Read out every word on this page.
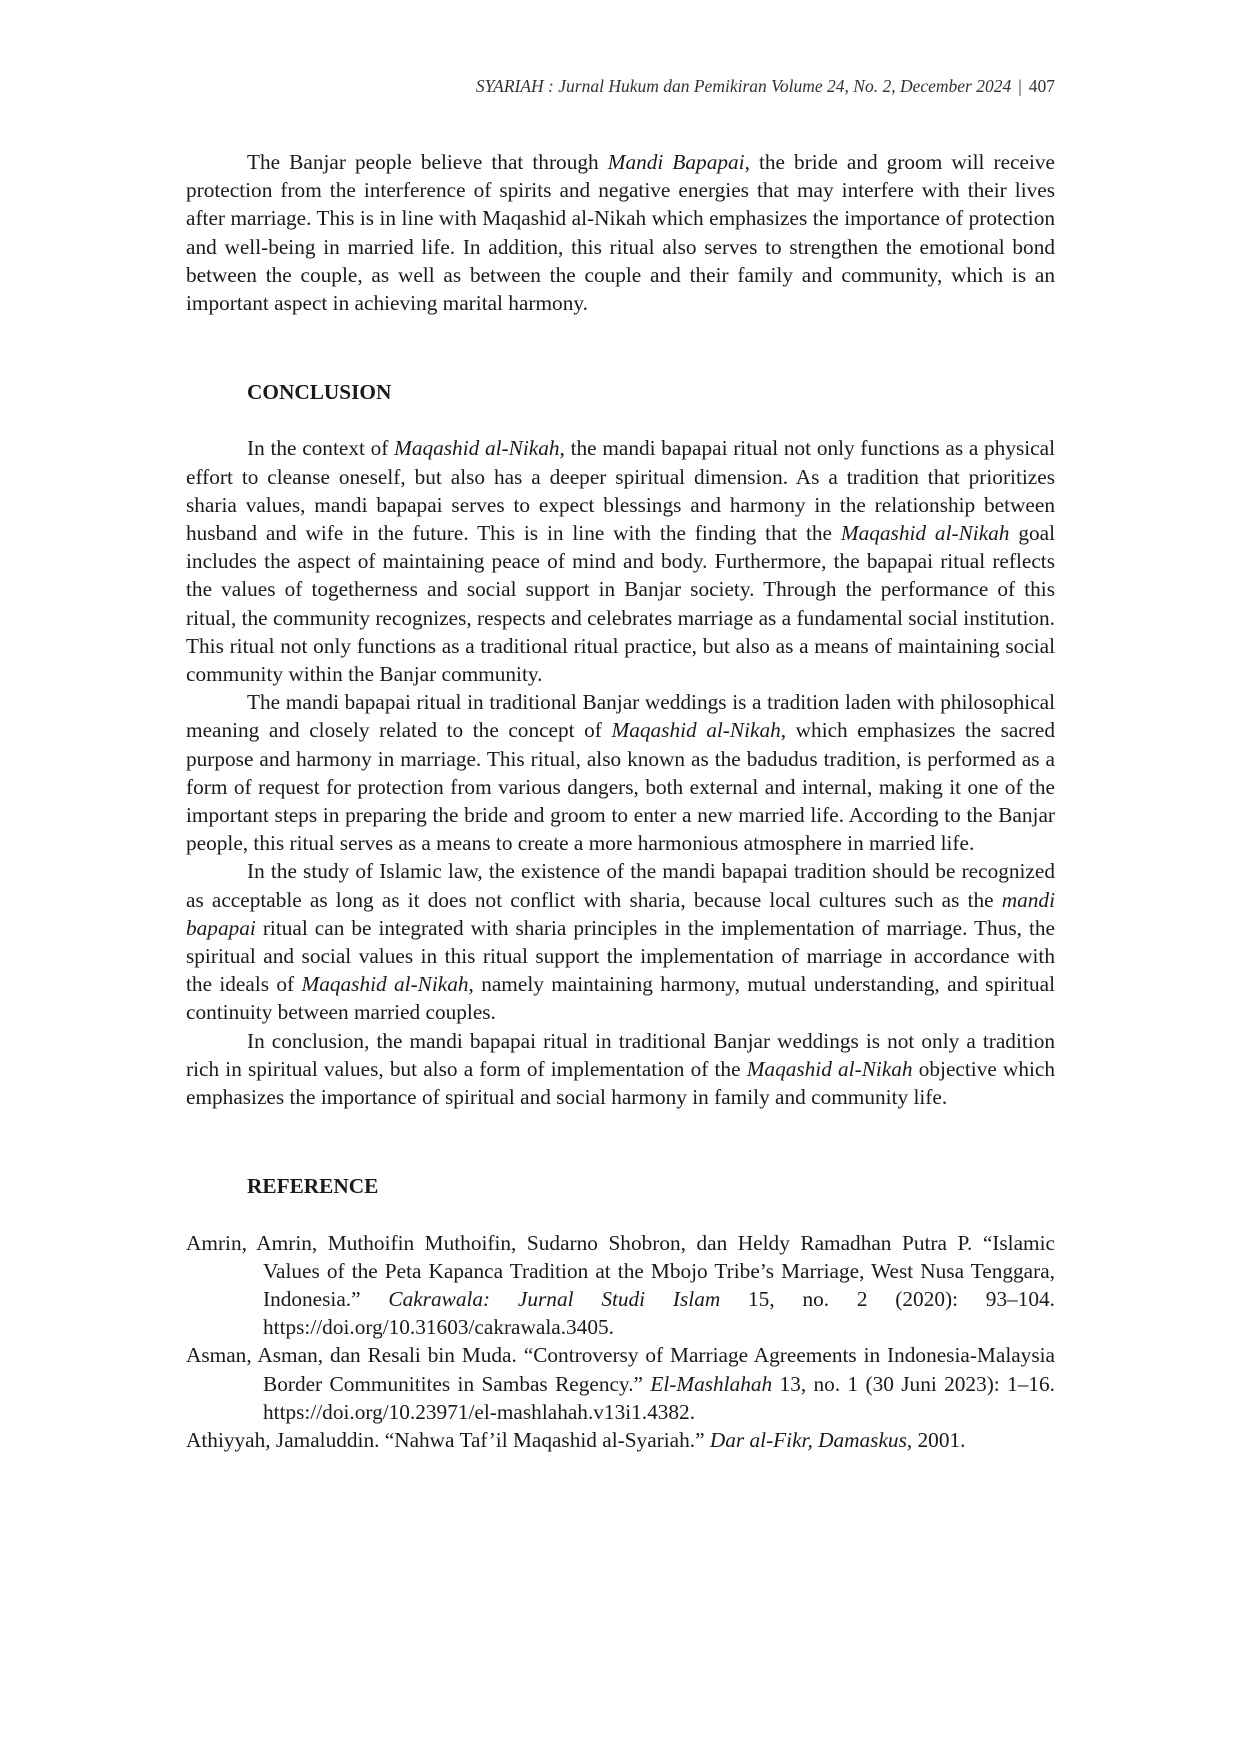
SYARIAH : Jurnal Hukum dan Pemikiran Volume 24, No. 2, December 2024 | 407

The Banjar people believe that through Mandi Bapapai, the bride and groom will receive protection from the interference of spirits and negative energies that may interfere with their lives after marriage. This is in line with Maqashid al-Nikah which emphasizes the importance of protection and well-being in married life. In addition, this ritual also serves to strengthen the emotional bond between the couple, as well as between the couple and their family and community, which is an important aspect in achieving marital harmony.

CONCLUSION

In the context of Maqashid al-Nikah, the mandi bapapai ritual not only functions as a physical effort to cleanse oneself, but also has a deeper spiritual dimension. As a tradition that prioritizes sharia values, mandi bapapai serves to expect blessings and harmony in the relationship between husband and wife in the future. This is in line with the finding that the Maqashid al-Nikah goal includes the aspect of maintaining peace of mind and body. Furthermore, the bapapai ritual reflects the values of togetherness and social support in Banjar society. Through the performance of this ritual, the community recognizes, respects and celebrates marriage as a fundamental social institution. This ritual not only functions as a traditional ritual practice, but also as a means of maintaining social community within the Banjar community.

The mandi bapapai ritual in traditional Banjar weddings is a tradition laden with philosophical meaning and closely related to the concept of Maqashid al-Nikah, which emphasizes the sacred purpose and harmony in marriage. This ritual, also known as the badudus tradition, is performed as a form of request for protection from various dangers, both external and internal, making it one of the important steps in preparing the bride and groom to enter a new married life. According to the Banjar people, this ritual serves as a means to create a more harmonious atmosphere in married life.

In the study of Islamic law, the existence of the mandi bapapai tradition should be recognized as acceptable as long as it does not conflict with sharia, because local cultures such as the mandi bapapai ritual can be integrated with sharia principles in the implementation of marriage. Thus, the spiritual and social values in this ritual support the implementation of marriage in accordance with the ideals of Maqashid al-Nikah, namely maintaining harmony, mutual understanding, and spiritual continuity between married couples.

In conclusion, the mandi bapapai ritual in traditional Banjar weddings is not only a tradition rich in spiritual values, but also a form of implementation of the Maqashid al-Nikah objective which emphasizes the importance of spiritual and social harmony in family and community life.

REFERENCE

Amrin, Amrin, Muthoifin Muthoifin, Sudarno Shobron, dan Heldy Ramadhan Putra P. “Islamic Values of the Peta Kapanca Tradition at the Mbojo Tribe’s Marriage, West Nusa Tenggara, Indonesia.” Cakrawala: Jurnal Studi Islam 15, no. 2 (2020): 93–104. https://doi.org/10.31603/cakrawala.3405.

Asman, Asman, dan Resali bin Muda. “Controversy of Marriage Agreements in Indonesia-Malaysia Border Communitites in Sambas Regency.” El-Mashlahah 13, no. 1 (30 Juni 2023): 1–16. https://doi.org/10.23971/el-mashlahah.v13i1.4382.

Athiyyah, Jamaluddin. “Nahwa Taf’il Maqashid al-Syariah.” Dar al-Fikr, Damaskus, 2001.
